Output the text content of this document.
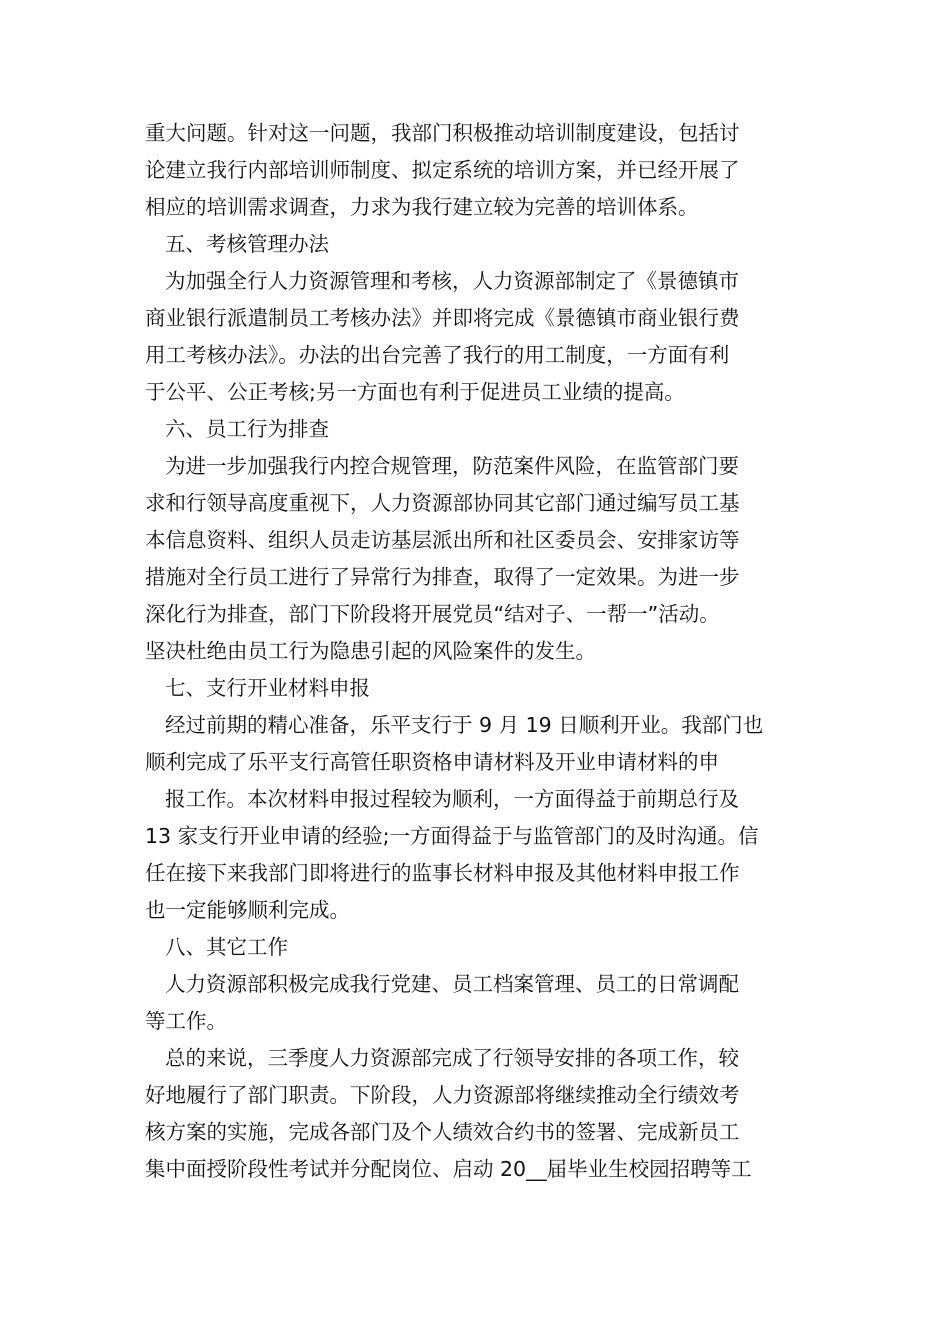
重大问题。针对这一问题，我部门积极推动培训制度建设，包括讨

论建立我行内部培训师制度、拟定系统的培训方案，并已经开展了

相应的培训需求调查，力求为我行建立较为完善的培训体系。

五、考核管理办法

为加强全行人力资源管理和考核，人力资源部制定了《景德镇市

商业银行派遣制员工考核办法》并即将完成《景德镇市商业银行费

用工考核办法》。办法的出台完善了我行的用工制度，一方面有利

于公平、公正考核;另一方面也有利于促进员工业绩的提高。

六、员工行为排查

为进一步加强我行内控合规管理，防范案件风险，在监管部门要

求和行领导高度重视下，人力资源部协同其它部门通过编写员工基

本信息资料、组织人员走访基层派出所和社区委员会、安排家访等

措施对全行员工进行了异常行为排查，取得了一定效果。为进一步

深化行为排查，部门下阶段将开展党员“结对子、一帮一”活动。

坚决杜绝由员工行为隐患引起的风险案件的发生。

七、支行开业材料申报

经过前期的精心准备，乐平支行于 9 月 19 日顺利开业。我部门也

顺利完成了乐平支行高管任职资格申请材料及开业申请材料的申

报工作。本次材料申报过程较为顺利，一方面得益于前期总行及

13 家支行开业申请的经验;一方面得益于与监管部门的及时沟通。信

任在接下来我部门即将进行的监事长材料申报及其他材料申报工作

也一定能够顺利完成。

八、其它工作

人力资源部积极完成我行党建、员工档案管理、员工的日常调配

等工作。

总的来说，三季度人力资源部完成了行领导安排的各项工作，较

好地履行了部门职责。下阶段，人力资源部将继续推动全行绩效考

核方案的实施，完成各部门及个人绩效合约书的签署、完成新员工

集中面授阶段性考试并分配岗位、启动 20__届毕业生校园招聘等工
